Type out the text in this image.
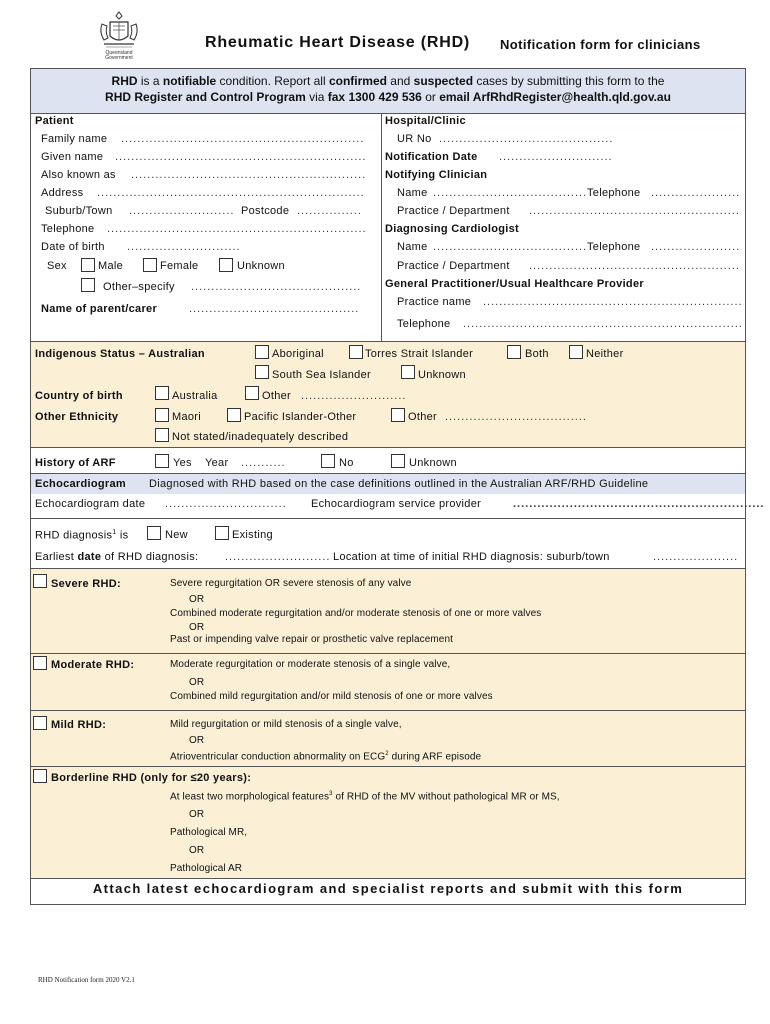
Queensland Government
Rheumatic Heart Disease (RHD) Notification form for clinicians
RHD is a notifiable condition. Report all confirmed and suspected cases by submitting this form to the
RHD Register and Control Program via fax 1300 429 536 or email ArfRhdRegister@health.qld.gov.au
Patient
Family name ............................................................
Given name ..............................................................
Also known as ..........................................................
Address ..................................................................
Suburb/Town .......................... Postcode ................
Telephone ................................................................
Date of birth ............................
Sex	Male	Female	Unknown
Other–specify ..........................................
Name of parent/carer	..........................................
Hospital/Clinic
UR No ...........................................
Notification Date ............................
Notifying Clinician
Name ...................................... Telephone ......................
Practice / Department ....................................................
Diagnosing Cardiologist
Name ...................................... Telephone ......................
Practice / Department ....................................................
General Practitioner/Usual Healthcare Provider
Practice name ................................................................
Telephone .....................................................................
Indigenous Status – Australian	Aboriginal	Torres Strait Islander	Both	Neither
South Sea Islander	Unknown
Country of birth	Australia	Other ..........................
Other Ethnicity	Maori	Pacific Islander-Other	Other ...................................
Not stated/inadequately described
History of ARF	Yes Year ...........	No	Unknown
Echocardiogram Diagnosed with RHD based on the case definitions outlined in the Australian ARF/RHD Guideline
Echocardiogram date .............................. Echocardiogram service provider	..............................................................
RHD diagnosis$^1$ is	New	Existing
Earliest date of RHD diagnosis: .......................... Location at time of initial RHD diagnosis: suburb/town	.....................
Severe RHD:	Severe regurgitation OR severe stenosis of any valve
OR
Combined moderate regurgitation and/or moderate stenosis of one or more valves
OR
Past or impending valve repair or prosthetic valve replacement
Moderate RHD:	Moderate regurgitation or moderate stenosis of a single valve,
OR
Combined mild regurgitation and/or mild stenosis of one or more valves
Mild RHD:	Mild regurgitation or mild stenosis of a single valve,
OR
Atrioventricular conduction abnormality on ECG$^2$ during ARF episode
Borderline RHD (only for ≤20 years):
At least two morphological features$^3$ of RHD of the MV without pathological MR or MS,
OR
Pathological MR,
OR
Pathological AR
Attach latest echocardiogram and specialist reports and submit with this form
RHD Notification form 2020 V2.1
